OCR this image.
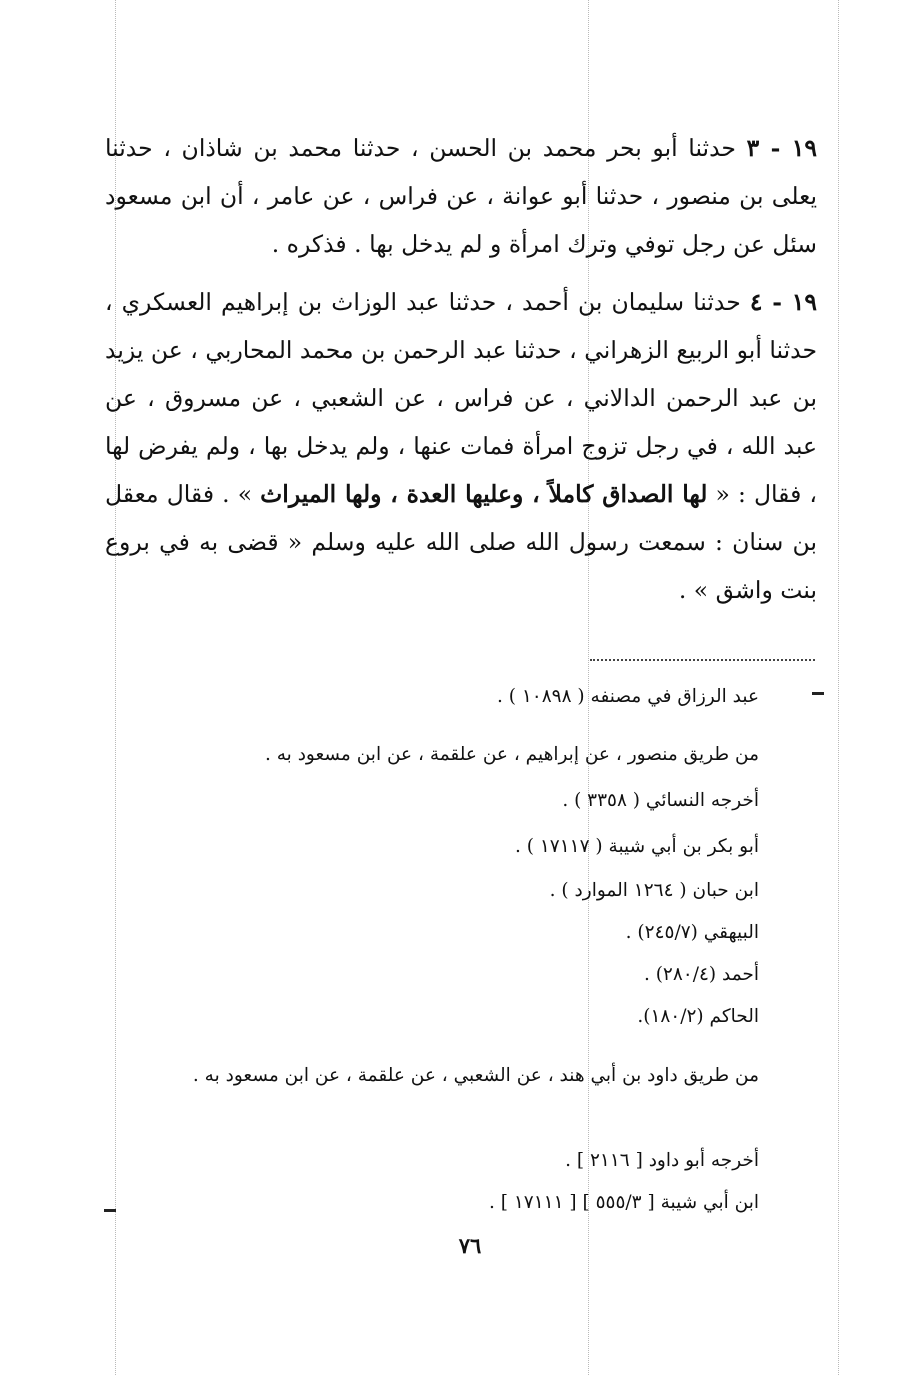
١٩ - ٣ حدثنا أبو بحر محمد بن الحسن ، حدثنا محمد بن شاذان ، حدثنا يعلى بن منصور ، حدثنا أبو عوانة ، عن فراس ، عن عامر ، أن ابن مسعود سئل عن رجل توفي وترك امرأة و لم يدخل بها . فذكره .
١٩ - ٤ حدثنا سليمان بن أحمد ، حدثنا عبد الوزاث بن إبراهيم العسكري ، حدثنا أبو الربيع الزهراني ، حدثنا عبد الرحمن بن محمد المحاربي ، عن يزيد بن عبد الرحمن الدالاني ، عن فراس ، عن الشعبي ، عن مسروق ، عن عبد الله ، في رجل تزوج امرأة فمات عنها ، ولم يدخل بها ، ولم يفرض لها ، فقال : « لها الصداق كاملاً ، وعليها العدة ، ولها الميراث » . فقال معقل بن سنان : سمعت رسول الله صلى الله عليه وسلم « قضى به في بروع بنت واشق » .
عبد الرزاق في مصنفه ( ١٠٨٩٨ ) .
من طريق منصور ، عن إبراهيم ، عن علقمة ، عن ابن مسعود به .
أخرجه النسائي ( ٣٣٥٨ ) .
أبو بكر بن أبي شيبة ( ١٧١١٧ ) .
ابن حبان ( ١٢٦٤ الموارد ) .
البيهقي (٢٤٥/٧) .
أحمد (٢٨٠/٤) .
الحاكم (١٨٠/٢).
من طريق داود بن أبي هند ، عن الشعبي ، عن علقمة ، عن ابن مسعود به .
أخرجه أبو داود [ ٢١١٦ ] .
ابن أبي شيبة [ ٥٥٥/٣ ] [ ١٧١١١ ] .
٧٦
